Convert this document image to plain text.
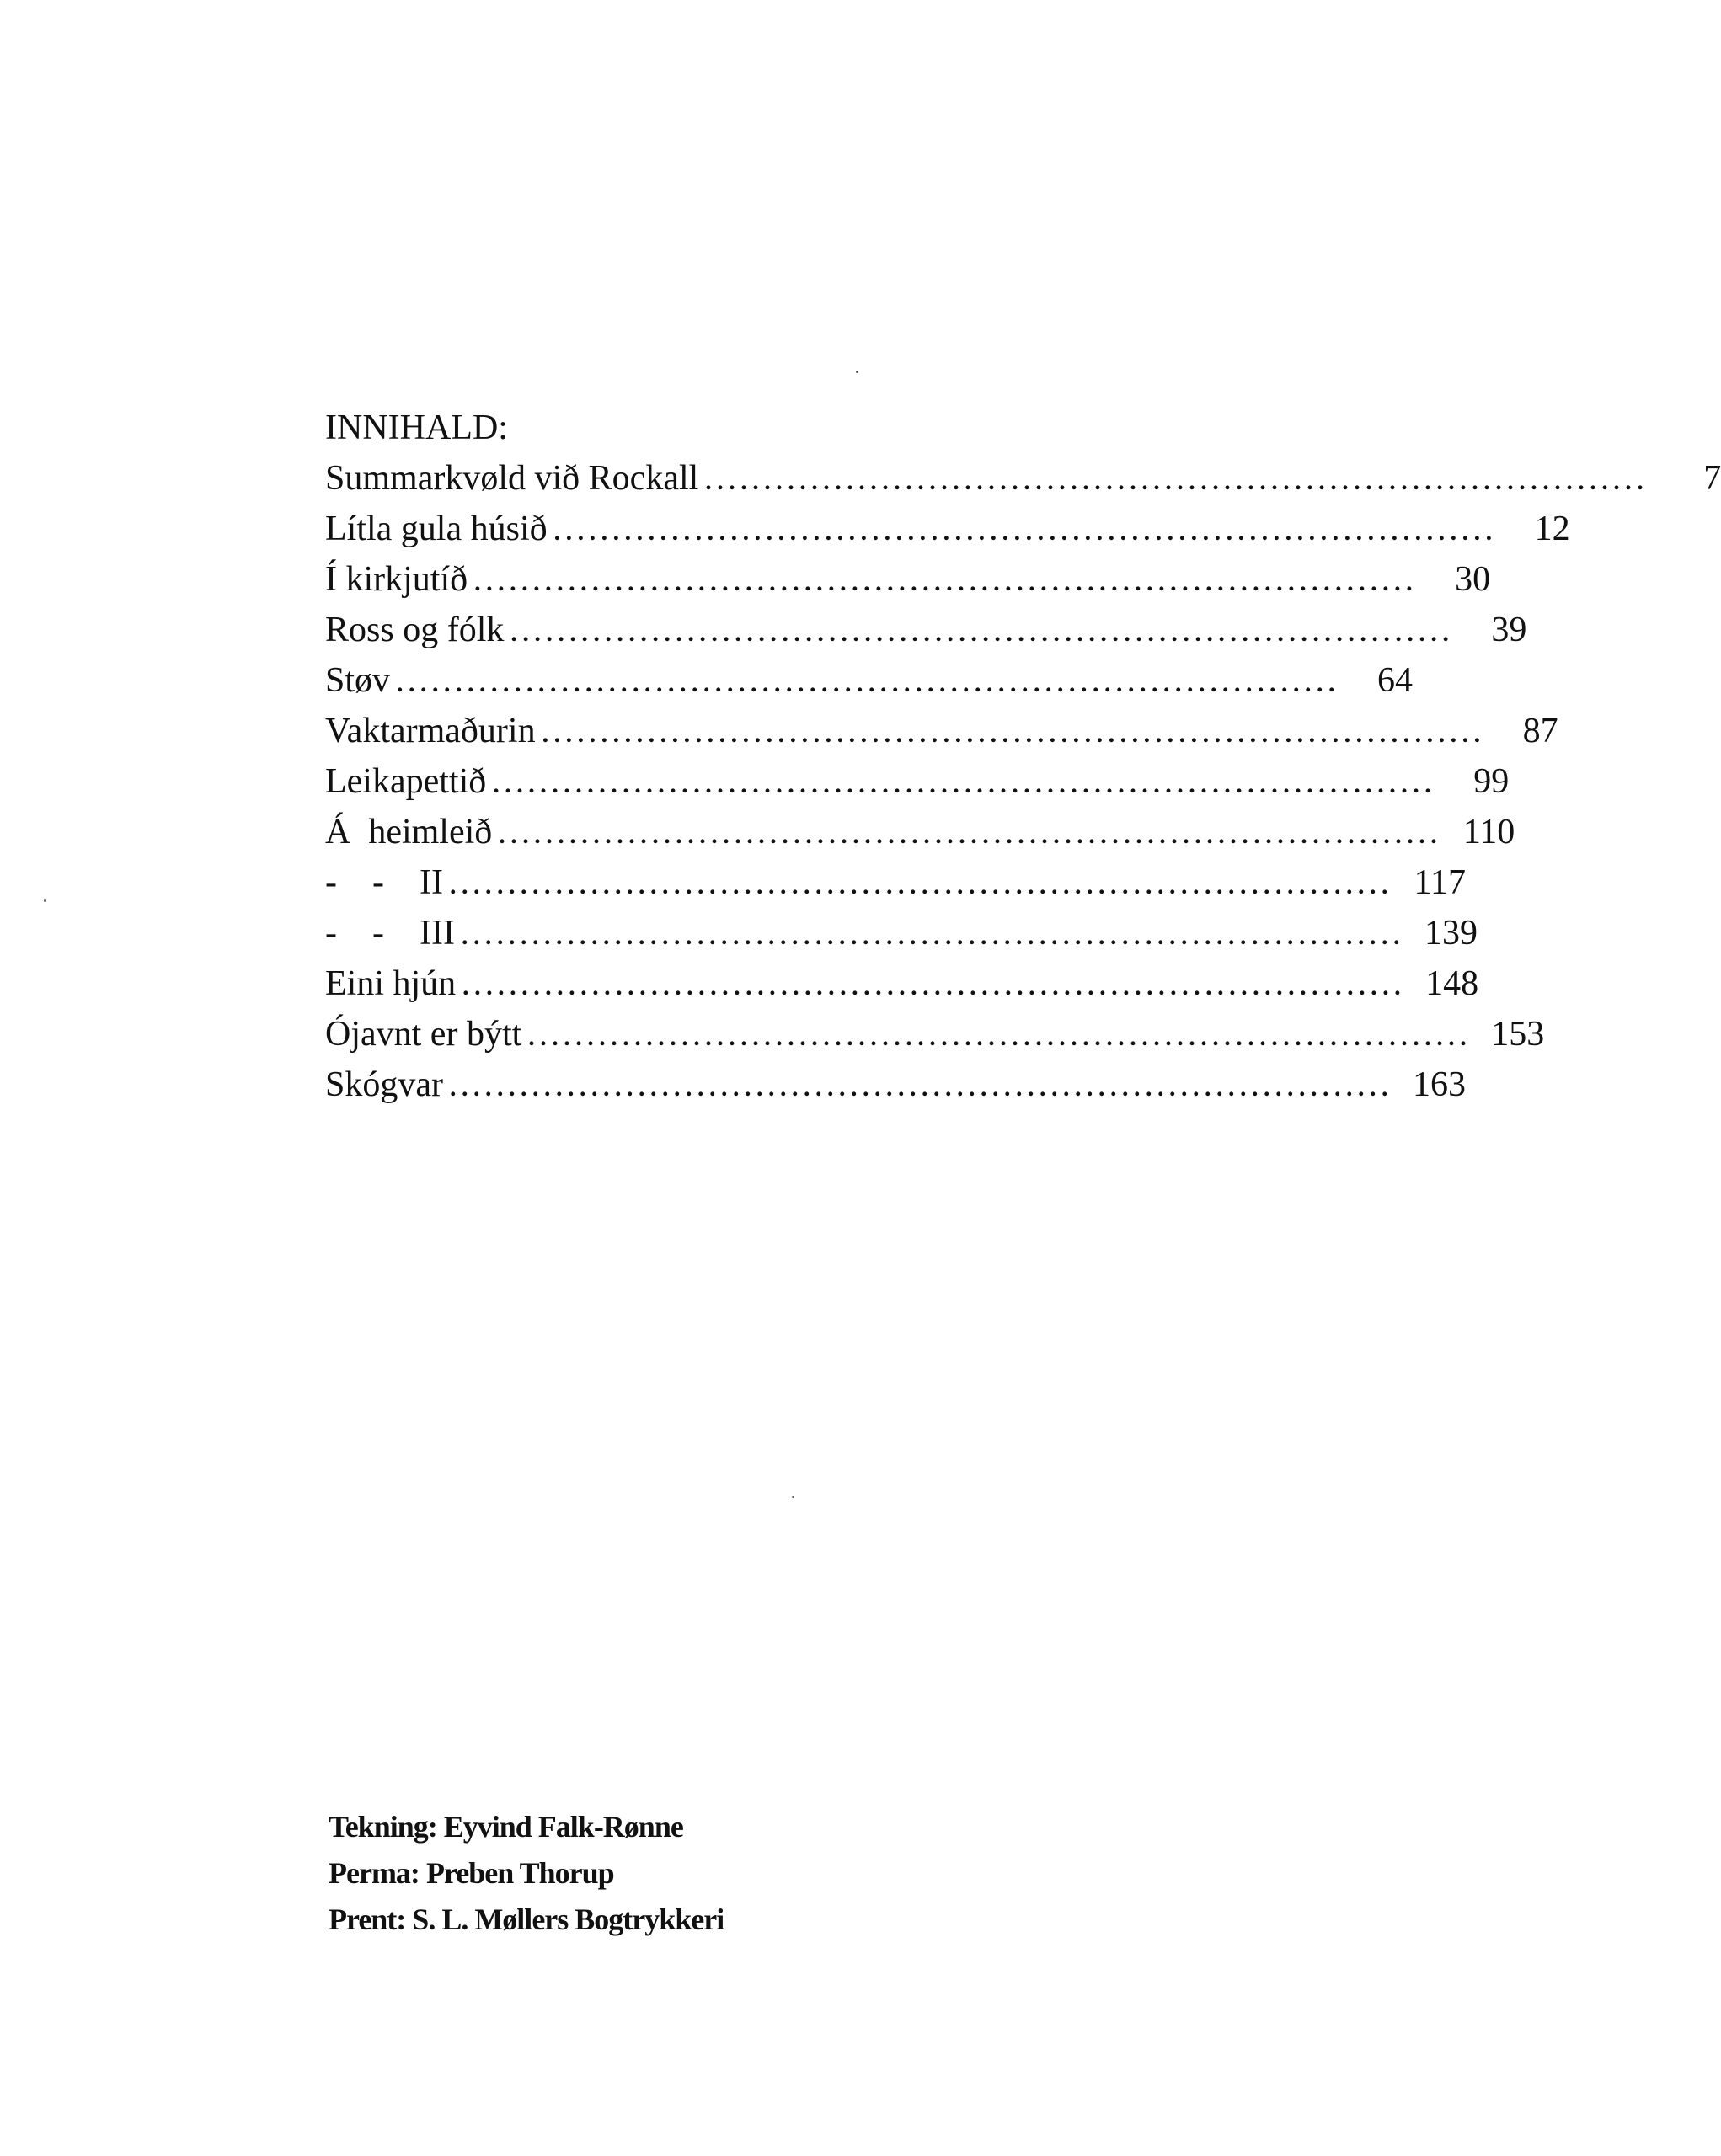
INNIHALD:
Summarkvøld við Rockall ................................................................................	7
Lítla gula húsið ................................................................................	12
Í kirkjutíð ................................................................................	30
Ross og fólk ................................................................................	39
Støv ................................................................................	64
Vaktarmaðurin ................................................................................	87
Leikapettið ................................................................................	99
Á  heimleið ................................................................................ 110
-    -    II ................................................................................ 117
-    -    III ................................................................................ 139
Eini hjún ................................................................................ 148
Ójavnt er býtt ................................................................................ 153
Skógvar ................................................................................ 163
Tekning: Eyvind Falk-Rønne
Perma: Preben Thorup
Prent: S. L. Møllers Bogtrykkeri
